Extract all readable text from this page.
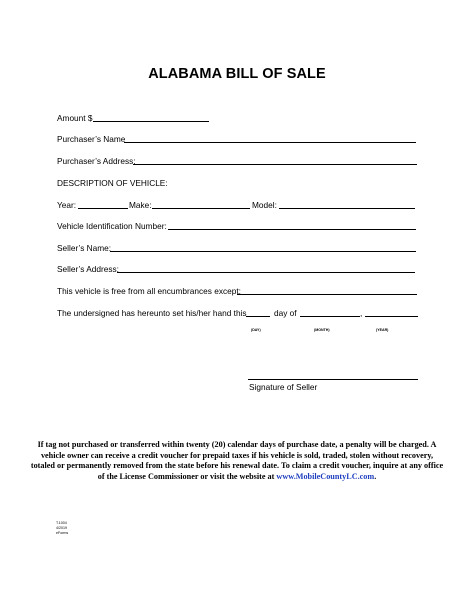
ALABAMA BILL OF SALE
Amount $
Purchaser’s Name
Purchaser’s Address:
DESCRIPTION OF VEHICLE:
Year:	Make:	Model:
Vehicle Identification Number:
Seller’s Name:
Seller’s Address:
This vehicle is free from all encumbrances except:
The undersigned has hereunto set his/her hand this	day of	,
(DAY)	(MONTH)	(YEAR)
Signature of Seller
If tag not purchased or transferred within twenty (20) calendar days of purchase date, a penalty will be charged. A vehicle owner can receive a credit voucher for prepaid taxes if his vehicle is sold, traded, stolen without recovery, totaled or permanently removed from the state before his renewal date. To claim a credit voucher, inquire at any office of the License Commissioner or visit the website at www.MobileCountyLC.com.
T.1004
4/2019
eForms
